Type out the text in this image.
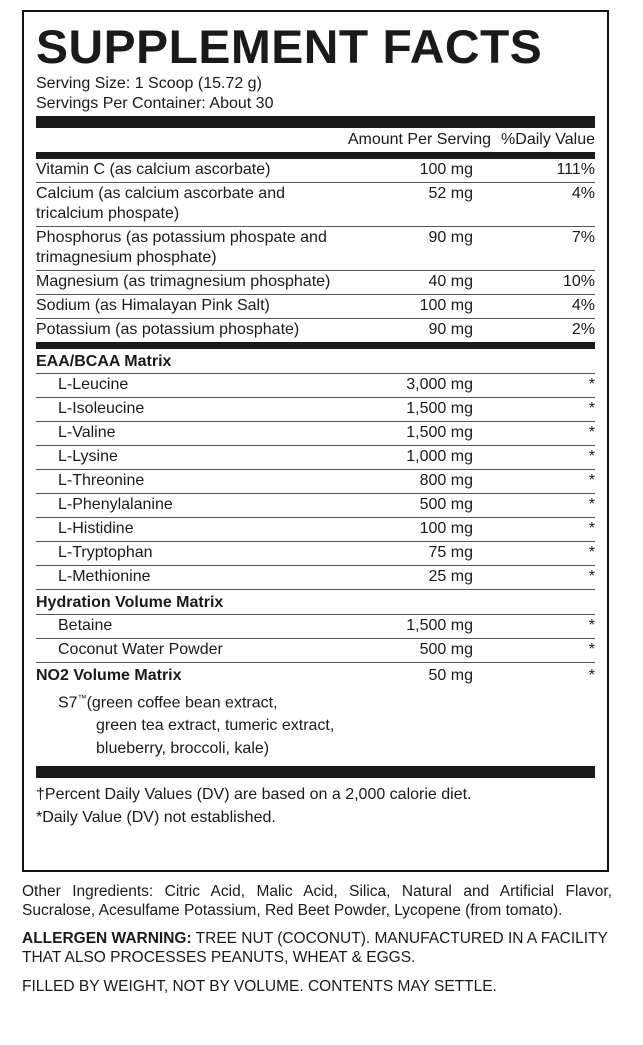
SUPPLEMENT FACTS
Serving Size: 1 Scoop (15.72 g)
Servings Per Container: About 30
Amount Per Serving %Daily Value
Vitamin C (as calcium ascorbate)	100 mg	111%
Calcium (as calcium ascorbate and tricalcium phospate)
52 mg	4%
Phosphorus (as potassium phospate and trimagnesium phosphate)
90 mg	7%
Magnesium (as trimagnesium phosphate)	40 mg	10%
Sodium (as Himalayan Pink Salt)	100 mg	4%
Potassium (as potassium phosphate)	90 mg	2%
EAA/BCAA Matrix
L-Leucine	3,000 mg	*
L-Isoleucine	1,500 mg	*
L-Valine	1,500 mg	*
L-Lysine	1,000 mg	*
L-Threonine	800 mg	*
L-Phenylalanine	500 mg	*
L-Histidine	100 mg	*
L-Tryptophan	75 mg	*
L-Methionine	25 mg	*
Hydration Volume Matrix
Betaine	1,500 mg	*
Coconut Water Powder	500 mg	*
NO2 Volume Matrix	50 mg	*
S7™(green coffee bean extract,
green tea extract, tumeric extract,
blueberry, broccoli, kale)
†Percent Daily Values (DV) are based on a 2,000 calorie diet.
*Daily Value (DV) not established.
Other Ingredients: Citric Acid, Malic Acid, Silica, Natural and Artificial Flavor, Sucralose, Acesulfame Potassium, Red Beet Powder, Lycopene (from tomato).
ALLERGEN WARNING: TREE NUT (COCONUT). MANUFACTURED IN A FACILITY THAT ALSO PROCESSES PEANUTS, WHEAT & EGGS.
FILLED BY WEIGHT, NOT BY VOLUME. CONTENTS MAY SETTLE.
